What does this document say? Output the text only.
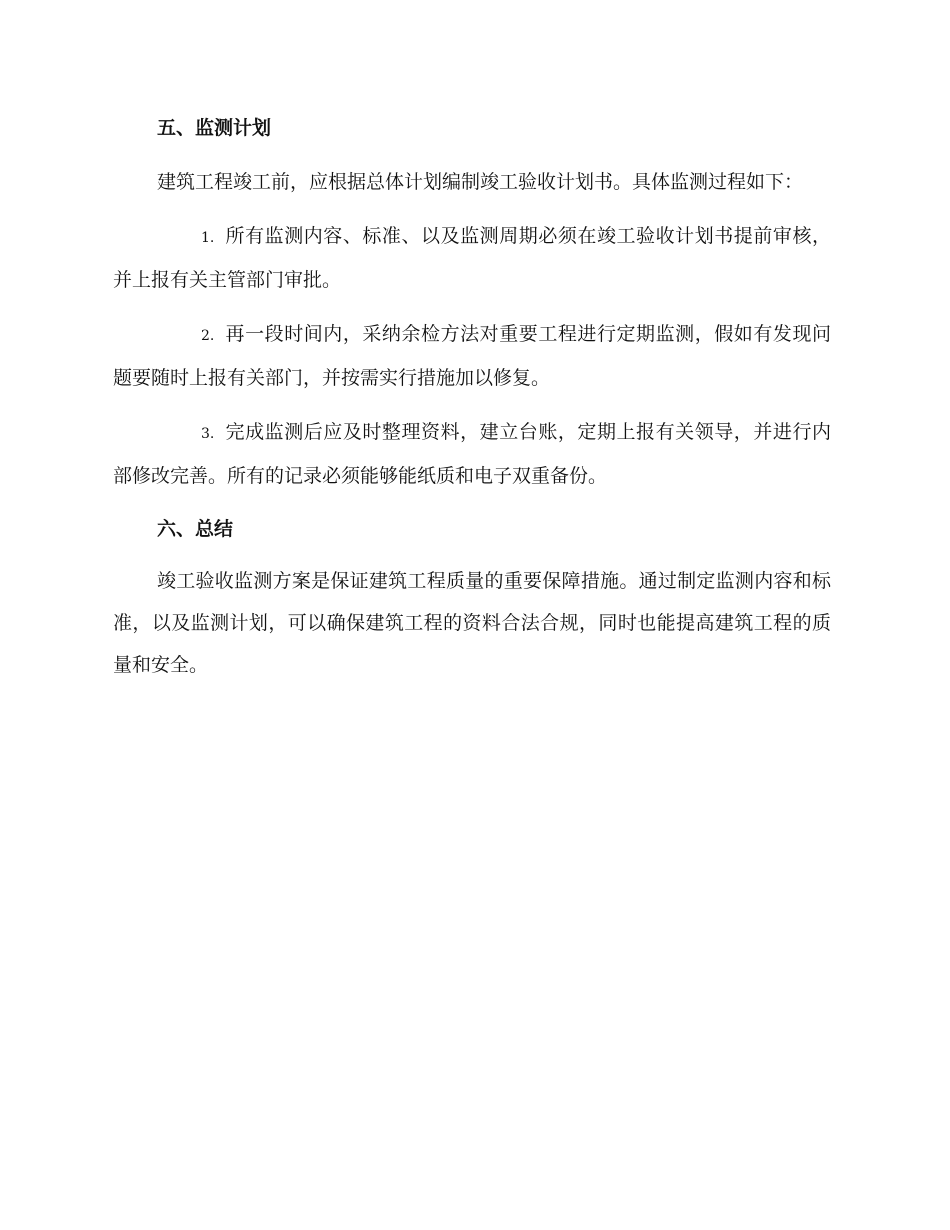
五、监测计划

建筑工程竣工前，应根据总体计划编制竣工验收计划书。具体监测过程如下：

1. 所有监测内容、标准、以及监测周期必须在竣工验收计划书提前审核，并上报有关主管部门审批。

2. 再一段时间内，采纳余检方法对重要工程进行定期监测，假如有发现问题要随时上报有关部门，并按需实行措施加以修复。

3. 完成监测后应及时整理资料，建立台账，定期上报有关领导，并进行内部修改完善。所有的记录必须能够能纸质和电子双重备份。

六、总结

竣工验收监测方案是保证建筑工程质量的重要保障措施。通过制定监测内容和标准，以及监测计划，可以确保建筑工程的资料合法合规，同时也能提高建筑工程的质量和安全。
